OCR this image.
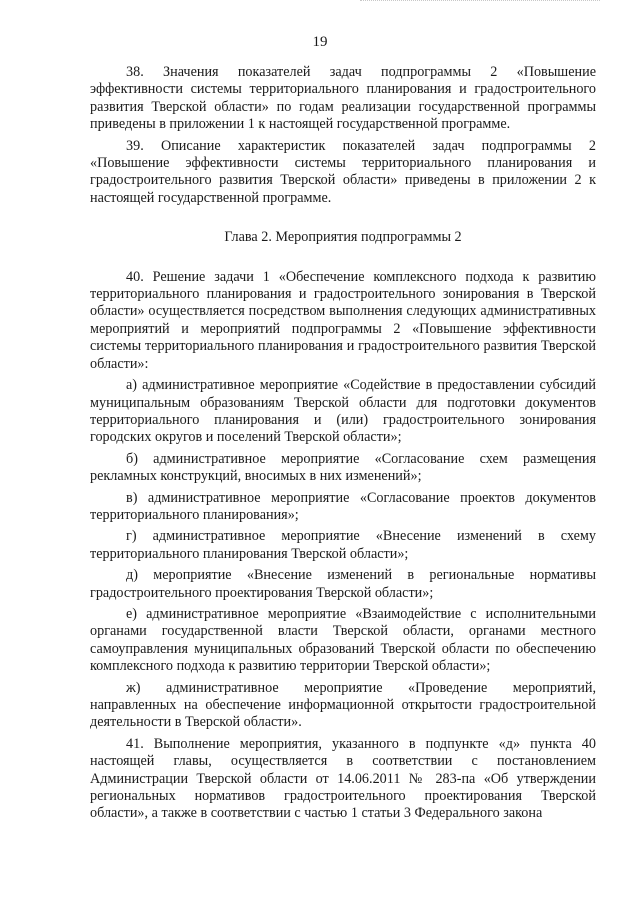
19

38. Значения показателей задач подпрограммы 2 «Повышение эффективности системы территориального планирования и градостроительного развития Тверской области» по годам реализации государственной программы приведены в приложении 1 к настоящей государственной программе.

39. Описание характеристик показателей задач подпрограммы 2 «Повышение эффективности системы территориального планирования и градостроительного развития Тверской области» приведены в приложении 2 к настоящей государственной программе.

Глава 2. Мероприятия подпрограммы 2

40. Решение задачи 1 «Обеспечение комплексного подхода к развитию территориального планирования и градостроительного зонирования в Тверской области» осуществляется посредством выполнения следующих административных мероприятий и мероприятий подпрограммы 2 «Повышение эффективности системы территориального планирования и градостроительного развития Тверской области»:

а) административное мероприятие «Содействие в предоставлении субсидий муниципальным образованиям Тверской области для подготовки документов территориального планирования и (или) градостроительного зонирования городских округов и поселений Тверской области»;

б) административное мероприятие «Согласование схем размещения рекламных конструкций, вносимых в них изменений»;

в) административное мероприятие «Согласование проектов документов территориального планирования»;

г) административное мероприятие «Внесение изменений в схему территориального планирования Тверской области»;

д) мероприятие «Внесение изменений в региональные нормативы градостроительного проектирования Тверской области»;

е) административное мероприятие «Взаимодействие с исполнительными органами государственной власти Тверской области, органами местного самоуправления муниципальных образований Тверской области по обеспечению комплексного подхода к развитию территории Тверской области»;

ж) административное мероприятие «Проведение мероприятий, направленных на обеспечение информационной открытости градостроительной деятельности в Тверской области».

41. Выполнение мероприятия, указанного в подпункте «д» пункта 40 настоящей главы, осуществляется в соответствии с постановлением Администрации Тверской области от 14.06.2011 № 283-па «Об утверждении региональных нормативов градостроительного проектирования Тверской области», а также в соответствии с частью 1 статьи 3 Федерального закона
